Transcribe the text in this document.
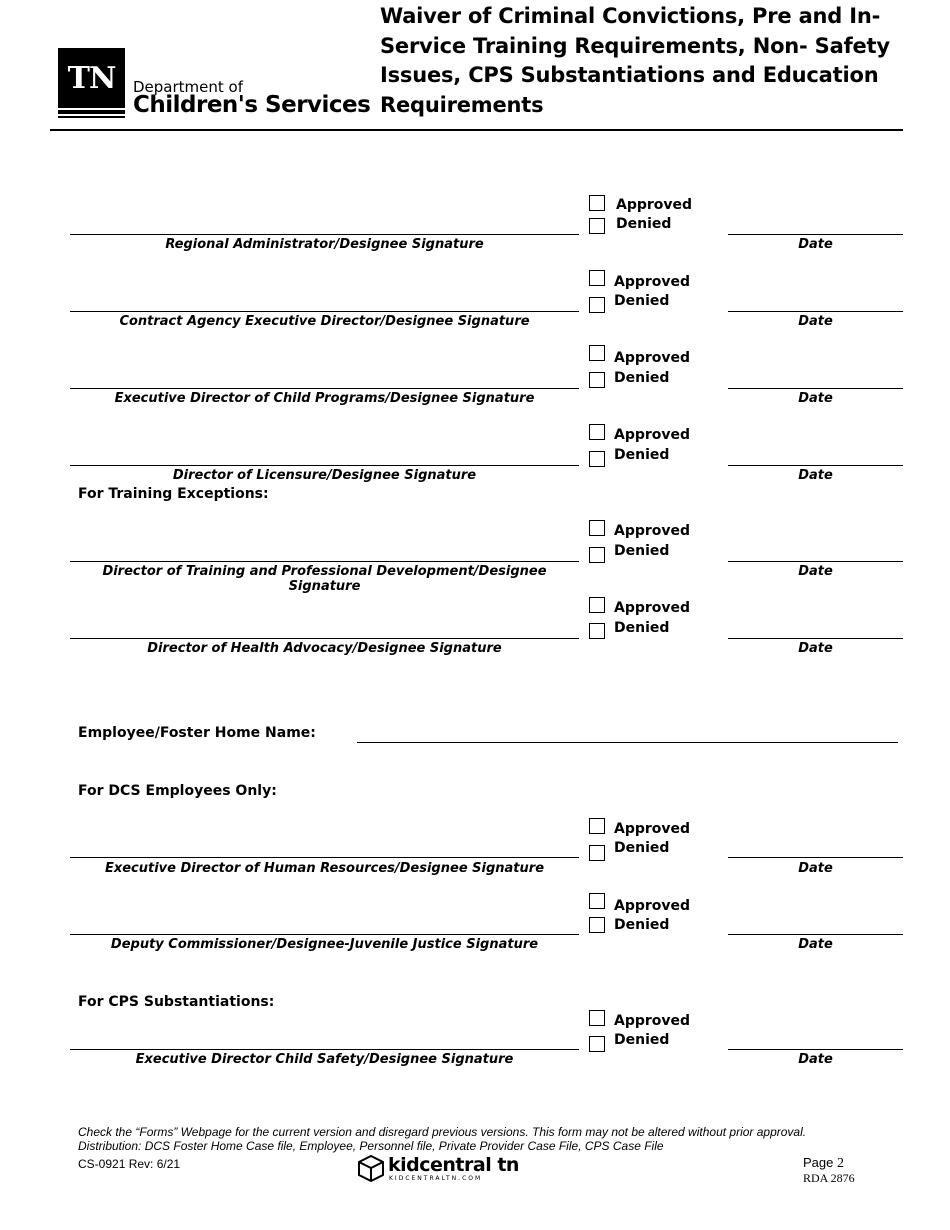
TN	Department of
Children's Services
Waiver of Criminal Convictions, Pre and In-
Service Training Requirements, Non- Safety
Issues, CPS Substantiations and Education
Requirements
Approved
Denied
Regional Administrator/Designee Signature	Date
Approved
Denied
Contract Agency Executive Director/Designee Signature	Date
Approved
Denied
Executive Director of Child Programs/Designee Signature	Date
Approved
Denied
Director of Licensure/Designee Signature	Date
For Training Exceptions:
Approved
Denied
Director of Training and Professional Development/Designee Signature
Date
Approved
Denied
Director of Health Advocacy/Designee Signature	Date
Employee/Foster Home Name:
For DCS Employees Only:
Approved
Denied
Executive Director of Human Resources/Designee Signature	Date
Approved
Denied
Deputy Commissioner/Designee-Juvenile Justice Signature	Date
For CPS Substantiations:
Approved
Denied
Executive Director Child Safety/Designee Signature	Date
Check the “Forms” Webpage for the current version and disregard previous versions. This form may not be altered without prior approval.
Distribution: DCS Foster Home Case file, Employee, Personnel file, Private Provider Case File, CPS Case File
CS-0921 Rev: 6/21	kidcentral tn
KIDCENTRALTN.COM
Page 2
RDA 2876
